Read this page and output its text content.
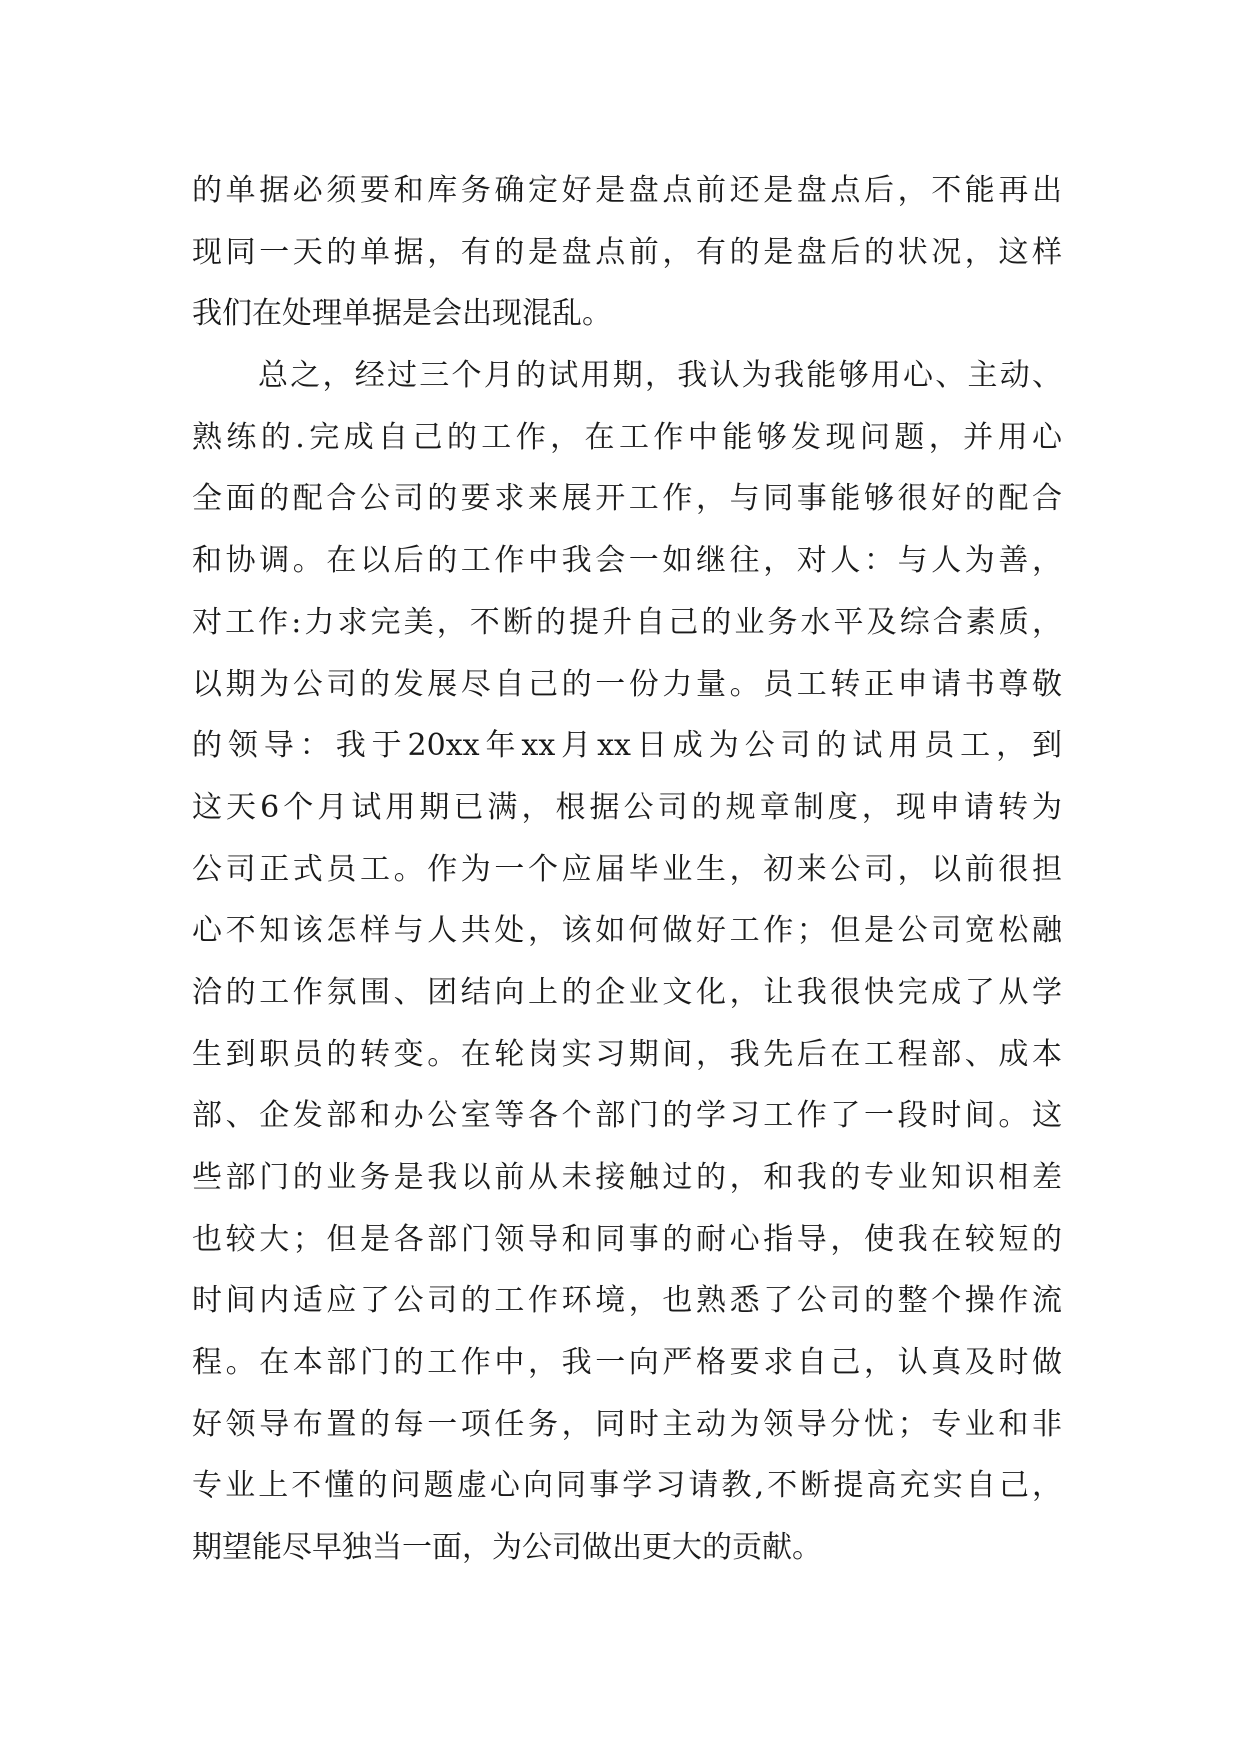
的单据必须要和库务确定好是盘点前还是盘点后，不能再出
现同一天的单据，有的是盘点前，有的是盘后的状况，这样
我们在处理单据是会出现混乱。
总之，经过三个月的试用期，我认为我能够用心、主动、
熟练的.完成自己的工作，在工作中能够发现问题，并用心
全面的配合公司的要求来展开工作，与同事能够很好的配合
和协调。在以后的工作中我会一如继往，对人：与人为善，
对工作:力求完美，不断的提升自己的业务水平及综合素质，
以期为公司的发展尽自己的一份力量。员工转正申请书尊敬
的领导：我于20xx年xx月xx日成为公司的试用员工，到
这天6个月试用期已满，根据公司的规章制度，现申请转为
公司正式员工。作为一个应届毕业生，初来公司，以前很担
心不知该怎样与人共处，该如何做好工作；但是公司宽松融
洽的工作氛围、团结向上的企业文化，让我很快完成了从学
生到职员的转变。在轮岗实习期间，我先后在工程部、成本
部、企发部和办公室等各个部门的学习工作了一段时间。这
些部门的业务是我以前从未接触过的，和我的专业知识相差
也较大；但是各部门领导和同事的耐心指导，使我在较短的
时间内适应了公司的工作环境，也熟悉了公司的整个操作流
程。在本部门的工作中，我一向严格要求自己，认真及时做
好领导布置的每一项任务，同时主动为领导分忧；专业和非
专业上不懂的问题虚心向同事学习请教,不断提高充实自己，
期望能尽早独当一面，为公司做出更大的贡献。
